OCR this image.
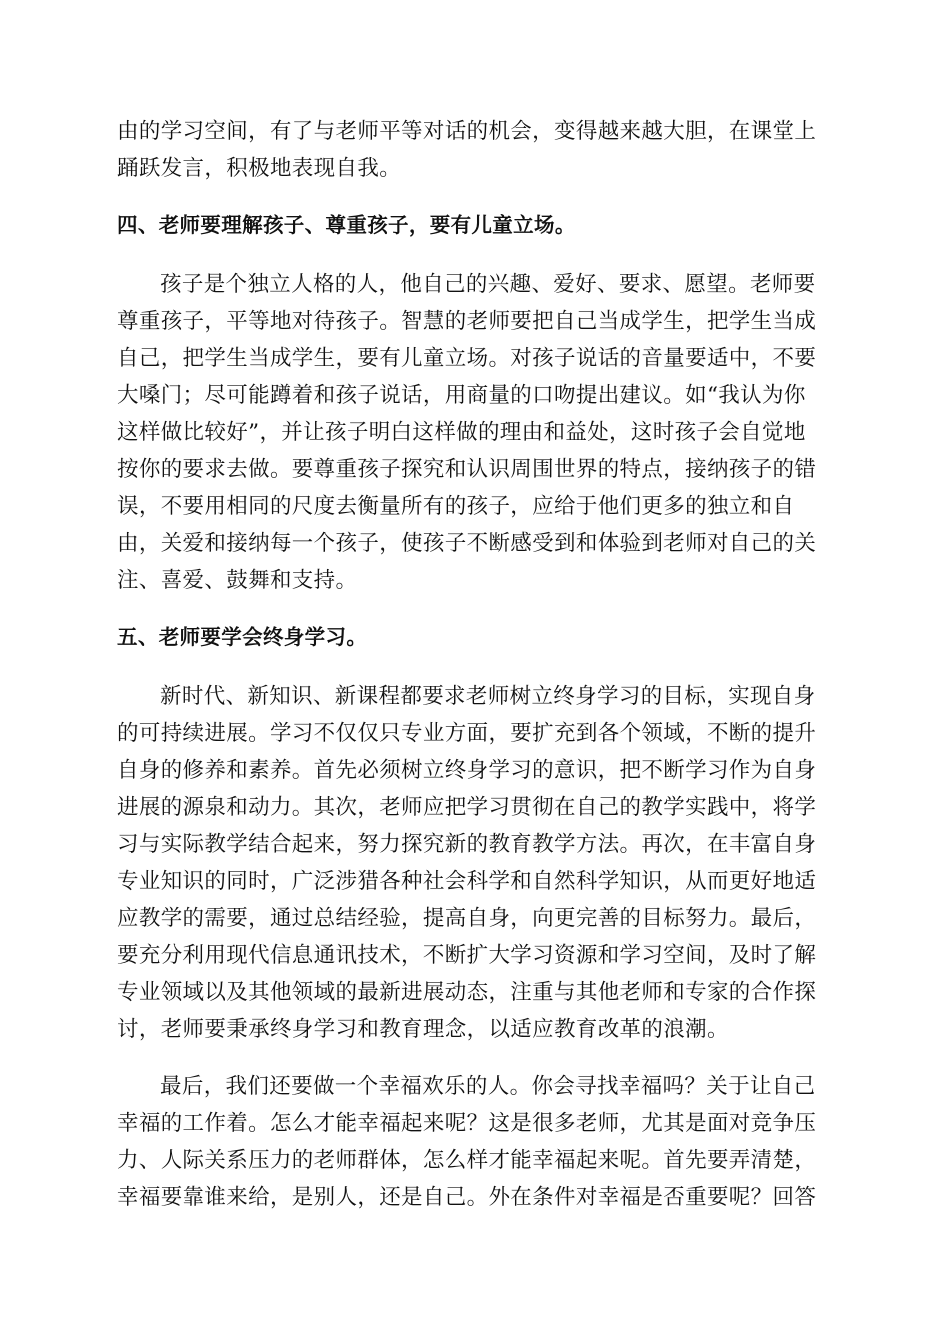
由的学习空间，有了与老师平等对话的机会，变得越来越大胆，在课堂上
踊跃发言，积极地表现自我。
四、老师要理解孩子、尊重孩子，要有儿童立场。
孩子是个独立人格的人，他自己的兴趣、爱好、要求、愿望。老师要
尊重孩子，平等地对待孩子。智慧的老师要把自己当成学生，把学生当成
自己，把学生当成学生，要有儿童立场。对孩子说话的音量要适中，不要
大嗓门；尽可能蹲着和孩子说话，用商量的口吻提出建议。如“我认为你
这样做比较好”，并让孩子明白这样做的理由和益处，这时孩子会自觉地
按你的要求去做。要尊重孩子探究和认识周围世界的特点，接纳孩子的错
误，不要用相同的尺度去衡量所有的孩子，应给于他们更多的独立和自
由，关爱和接纳每一个孩子，使孩子不断感受到和体验到老师对自己的关
注、喜爱、鼓舞和支持。
五、老师要学会终身学习。
新时代、新知识、新课程都要求老师树立终身学习的目标，实现自身
的可持续进展。学习不仅仅只专业方面，要扩充到各个领域，不断的提升
自身的修养和素养。首先必须树立终身学习的意识，把不断学习作为自身
进展的源泉和动力。其次，老师应把学习贯彻在自己的教学实践中，将学
习与实际教学结合起来，努力探究新的教育教学方法。再次，在丰富自身
专业知识的同时，广泛涉猎各种社会科学和自然科学知识，从而更好地适
应教学的需要，通过总结经验，提高自身，向更完善的目标努力。最后，
要充分利用现代信息通讯技术，不断扩大学习资源和学习空间，及时了解
专业领域以及其他领域的最新进展动态，注重与其他老师和专家的合作探
讨，老师要秉承终身学习和教育理念，以适应教育改革的浪潮。
最后，我们还要做一个幸福欢乐的人。你会寻找幸福吗？关于让自己
幸福的工作着。怎么才能幸福起来呢？这是很多老师，尤其是面对竞争压
力、人际关系压力的老师群体，怎么样才能幸福起来呢。首先要弄清楚，
幸福要靠谁来给，是别人，还是自己。外在条件对幸福是否重要呢？回答
